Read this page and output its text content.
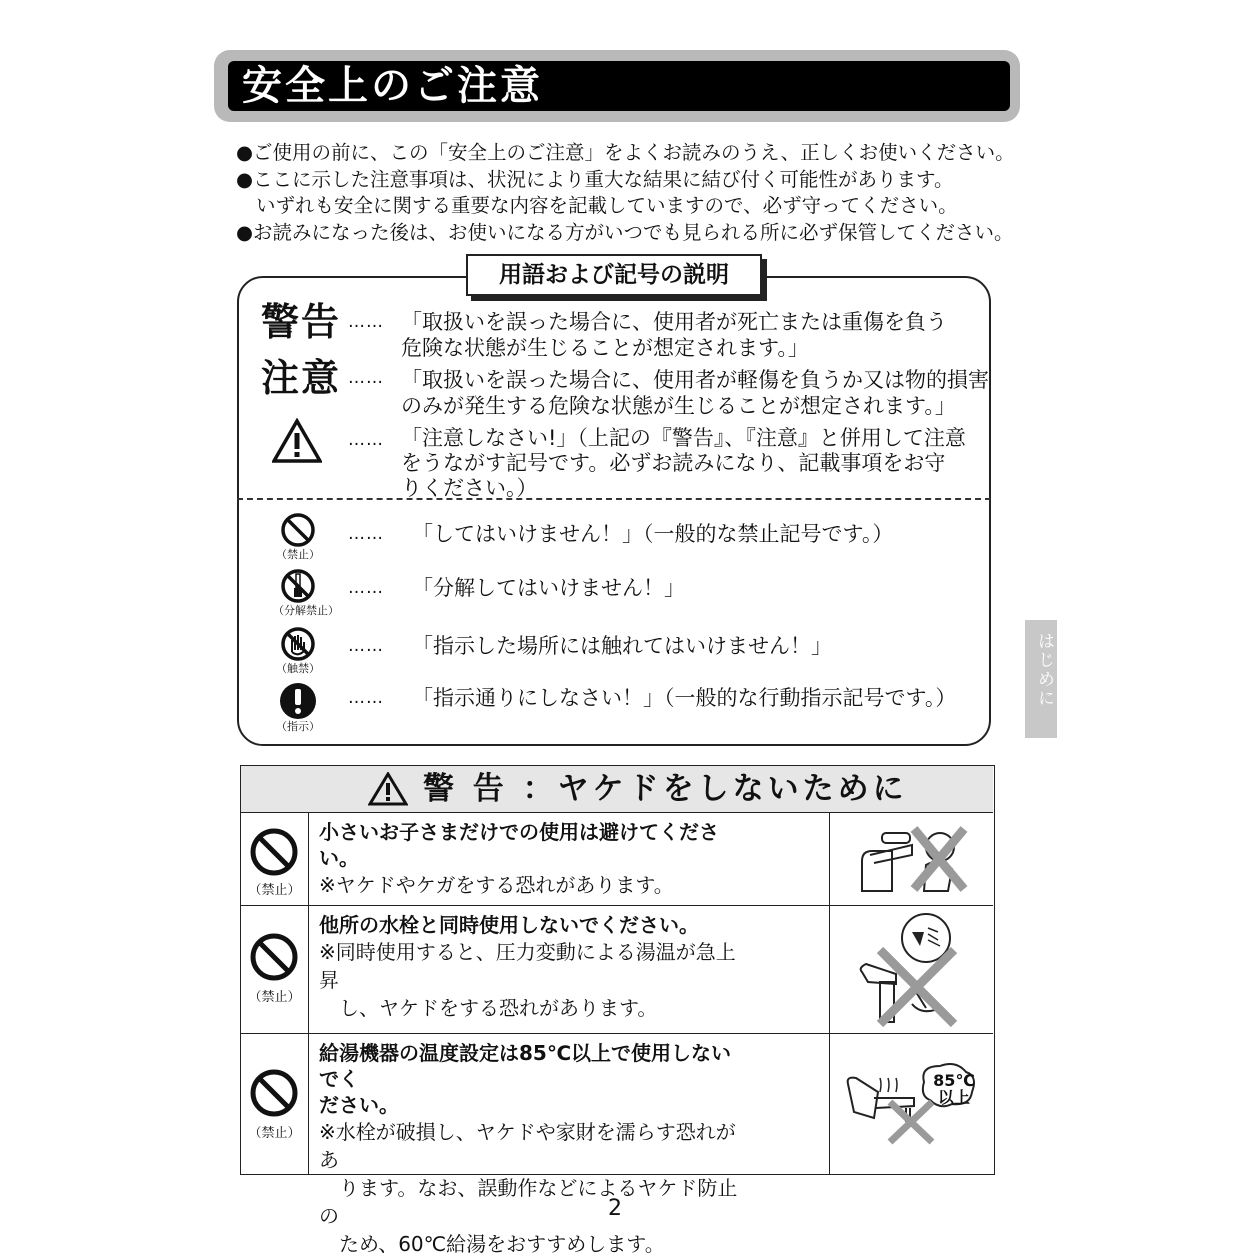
安全上のご注意
●ご使用の前に、この「安全上のご注意」をよくお読みのうえ、正しくお使いください。
●ここに示した注意事項は、状況により重大な結果に結び付く可能性があります。
いずれも安全に関する重要な内容を記載していますので、必ず守ってください。
●お読みになった後は、お使いになる方がいつでも見られる所に必ず保管してください。
用語および記号の説明
警告 …… 「取扱いを誤った場合に、使用者が死亡または重傷を負う
危険な状態が生じることが想定されます。」
注意 …… 「取扱いを誤った場合に、使用者が軽傷を負うか又は物的損害
のみが発生する危険な状態が生じることが想定されます。」
…… 「注意しなさい!」（上記の『警告』、『注意』と併用して注意
をうながす記号です。必ずお読みになり、記載事項をお守
りください。）
（禁止）
…… 「してはいけません！」（一般的な禁止記号です。）
（分解禁止）
…… 「分解してはいけません！」
（触禁）
…… 「指示した場所には触れてはいけません！」
（指示）
…… 「指示通りにしなさい！」（一般的な行動指示記号です。）	はじめに
警 告 ：ヤケドをしないために
（禁止）
小さいお子さまだけでの使用は避けてください。
※ヤケドやケガをする恐れがあります。
（禁止）
他所の水栓と同時使用しないでください。
※同時使用すると、圧力変動による湯温が急上昇
　し、ヤケドをする恐れがあります。
（禁止）
給湯機器の温度設定は85℃以上で使用しないでく
ださい。
※水栓が破損し、ヤケドや家財を濡らす恐れがあ
　ります。なお、誤動作などによるヤケド防止の
　ため、60℃給湯をおすすめします。
85℃
以上
2
